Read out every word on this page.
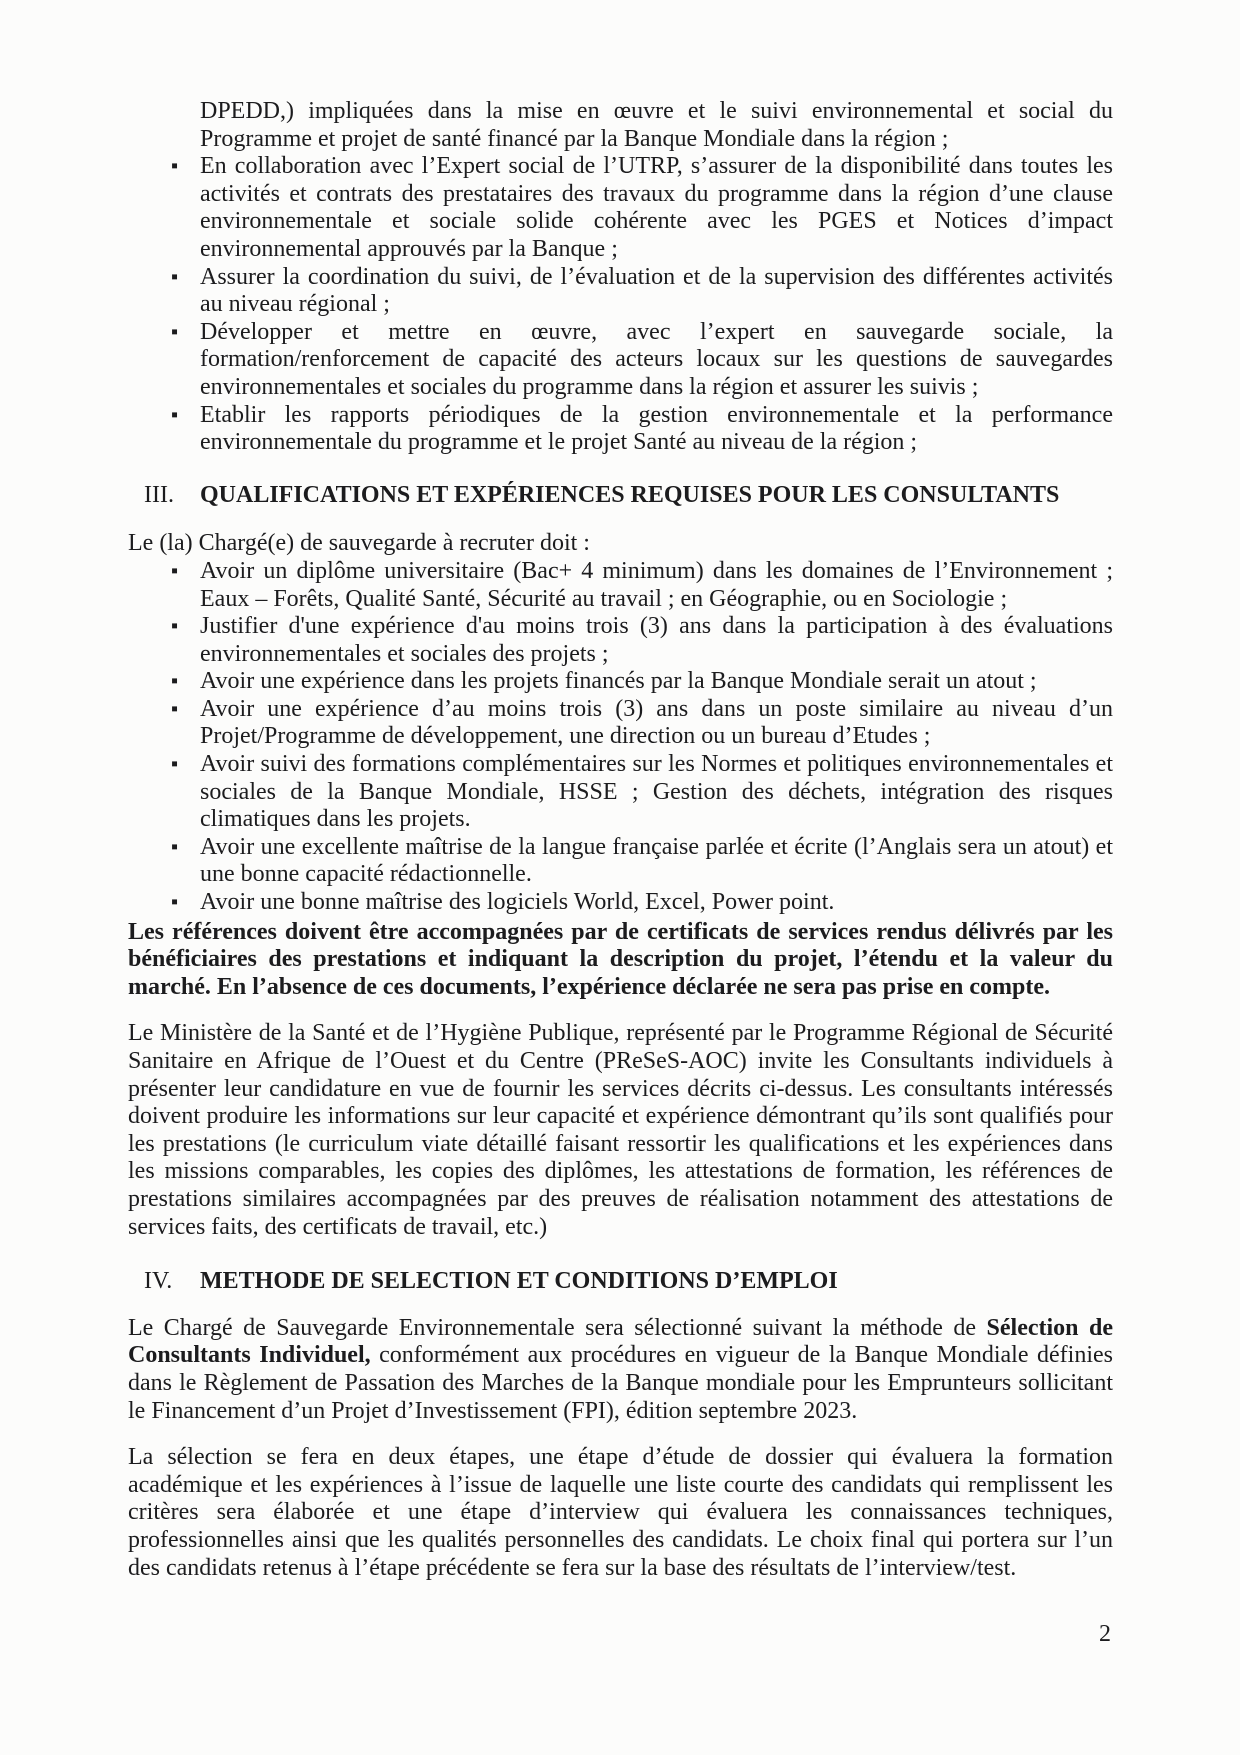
DPEDD,) impliquées dans la mise en œuvre et le suivi environnemental et social du Programme et projet de santé financé par la Banque Mondiale dans la région ;

▪ En collaboration avec l’Expert social de l’UTRP, s’assurer de la disponibilité dans toutes les activités et contrats des prestataires des travaux du programme dans la région d’une clause environnementale et sociale solide cohérente avec les PGES et Notices d’impact environnemental approuvés par la Banque ;
▪ Assurer la coordination du suivi, de l’évaluation et de la supervision des différentes activités au niveau régional ;
▪ Développer et mettre en œuvre, avec l’expert en sauvegarde sociale, la formation/renforcement de capacité des acteurs locaux sur les questions de sauvegardes environnementales et sociales du programme dans la région et assurer les suivis ;
▪ Etablir les rapports périodiques de la gestion environnementale et la performance environnementale du programme et le projet Santé au niveau de la région ;
III.	QUALIFICATIONS ET EXPÉRIENCES REQUISES POUR LES CONSULTANTS

Le (la) Chargé(e) de sauvegarde à recruter doit :

▪ Avoir un diplôme universitaire (Bac+ 4 minimum) dans les domaines de l’Environnement ; Eaux – Forêts, Qualité Santé, Sécurité au travail ; en Géographie, ou en Sociologie ;
▪ Justifier d'une expérience d'au moins trois (3) ans dans la participation à des évaluations environnementales et sociales des projets ;
▪ Avoir une expérience dans les projets financés par la Banque Mondiale serait un atout ;
▪ Avoir une expérience d’au moins trois (3) ans dans un poste similaire au niveau d’un Projet/Programme de développement, une direction ou un bureau d’Etudes ;
▪ Avoir suivi des formations complémentaires sur les Normes et politiques environnementales et sociales de la Banque Mondiale, HSSE ; Gestion des déchets, intégration des risques climatiques dans les projets.
▪ Avoir une excellente maîtrise de la langue française parlée et écrite (l’Anglais sera un atout) et une bonne capacité rédactionnelle.
▪ Avoir une bonne maîtrise des logiciels World, Excel, Power point.

Les références doivent être accompagnées par de certificats de services rendus délivrés par les bénéficiaires des prestations et indiquant la description du projet, l’étendu et la valeur du marché. En l’absence de ces documents, l’expérience déclarée ne sera pas prise en compte.

Le Ministère de la Santé et de l’Hygiène Publique, représenté par le Programme Régional de Sécurité Sanitaire en Afrique de l’Ouest et du Centre (PReSeS-AOC) invite les Consultants individuels à présenter leur candidature en vue de fournir les services décrits ci-dessus. Les consultants intéressés doivent produire les informations sur leur capacité et expérience démontrant qu’ils sont qualifiés pour les prestations (le curriculum viate détaillé faisant ressortir les qualifications et les expériences dans les missions comparables, les copies des diplômes, les attestations de formation, les références de prestations similaires accompagnées par des preuves de réalisation notamment des attestations de services faits, des certificats de travail, etc.)

IV.	METHODE DE SELECTION ET CONDITIONS D’EMPLOI

Le Chargé de Sauvegarde Environnementale sera sélectionné suivant la méthode de Sélection de Consultants Individuel, conformément aux procédures en vigueur de la Banque Mondiale définies dans le Règlement de Passation des Marches de la Banque mondiale pour les Emprunteurs sollicitant le Financement d’un Projet d’Investissement (FPI), édition septembre 2023.

La sélection se fera en deux étapes, une étape d’étude de dossier qui évaluera la formation académique et les expériences à l’issue de laquelle une liste courte des candidats qui remplissent les critères sera élaborée et une étape d’interview qui évaluera les connaissances techniques, professionnelles ainsi que les qualités personnelles des candidats. Le choix final qui portera sur l’un des candidats retenus à l’étape précédente se fera sur la base des résultats de l’interview/test.

2
